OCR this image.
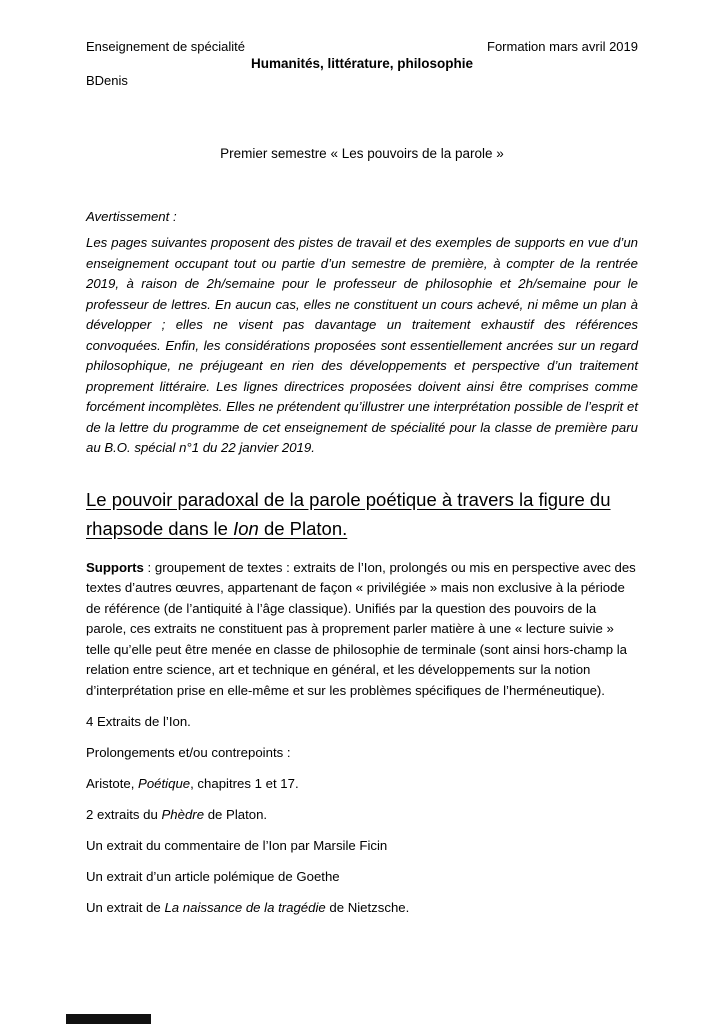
Enseignement de spécialité	Formation mars avril 2019
Humanités, littérature, philosophie
BDenis
Premier semestre « Les pouvoirs de la parole »

Avertissement :

Les pages suivantes proposent des pistes de travail et des exemples de supports en vue d’un enseignement occupant tout ou partie d’un semestre de première, à compter de la rentrée 2019, à raison de 2h/semaine pour le professeur de philosophie et 2h/semaine pour le professeur de lettres. En aucun cas, elles ne constituent un cours achevé, ni même un plan à développer ; elles ne visent pas davantage un traitement exhaustif des références convoquées. Enfin, les considérations proposées sont essentiellement ancrées sur un regard philosophique, ne préjugeant en rien des développements et perspective d’un traitement proprement littéraire. Les lignes directrices proposées doivent ainsi être comprises comme forcément incomplètes. Elles ne prétendent qu’illustrer une interprétation possible de l’esprit et de la lettre du programme de cet enseignement de spécialité pour la classe de première paru au B.O. spécial n°1 du 22 janvier 2019.

Le pouvoir paradoxal de la parole poétique à travers la figure du rhapsode dans le Ion de Platon.

Supports : groupement de textes : extraits de l’Ion, prolongés ou mis en perspective avec des textes d’autres œuvres, appartenant de façon « privilégiée » mais non exclusive à la période de référence (de l’antiquité à l’âge classique). Unifiés par la question des pouvoirs de la parole, ces extraits ne constituent pas à proprement parler matière à une « lecture suivie » telle qu’elle peut être menée en classe de philosophie de terminale (sont ainsi hors-champ la relation entre science, art et technique en général, et les développements sur la notion d’interprétation prise en elle-même et sur les problèmes spécifiques de l’herméneutique).

4 Extraits de l’Ion.

Prolongements et/ou contrepoints :

Aristote, Poétique, chapitres 1 et 17.

2 extraits du Phèdre de Platon.

Un extrait du commentaire de l’Ion par Marsile Ficin

Un extrait d’un article polémique de Goethe

Un extrait de La naissance de la tragédie de Nietzsche.
